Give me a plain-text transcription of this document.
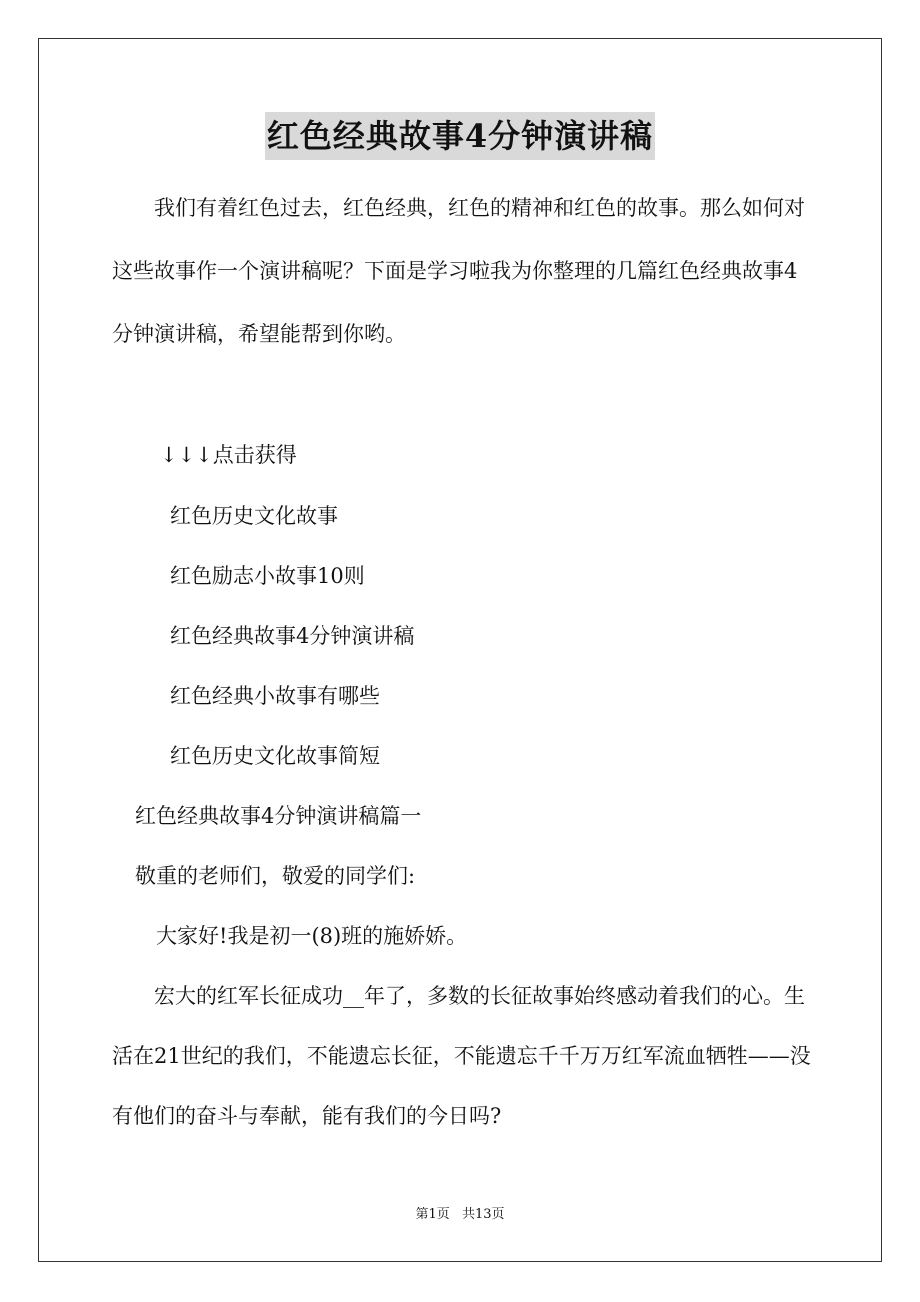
红色经典故事4分钟演讲稿

我们有着红色过去，红色经典，红色的精神和红色的故事。那么如何对这些故事作一个演讲稿呢？下面是学习啦我为你整理的几篇红色经典故事4分钟演讲稿，希望能帮到你哟。

↓↓↓点击获得
红色历史文化故事
红色励志小故事10则
红色经典故事4分钟演讲稿
红色经典小故事有哪些
红色历史文化故事简短
红色经典故事4分钟演讲稿篇一
敬重的老师们，敬爱的同学们:
大家好!我是初一(8)班的施娇娇。

宏大的红军长征成功__年了，多数的长征故事始终感动着我们的心。生活在21世纪的我们，不能遗忘长征，不能遗忘千千万万红军流血牺牲——没有他们的奋斗与奉献，能有我们的今日吗?

第1页 共13页
